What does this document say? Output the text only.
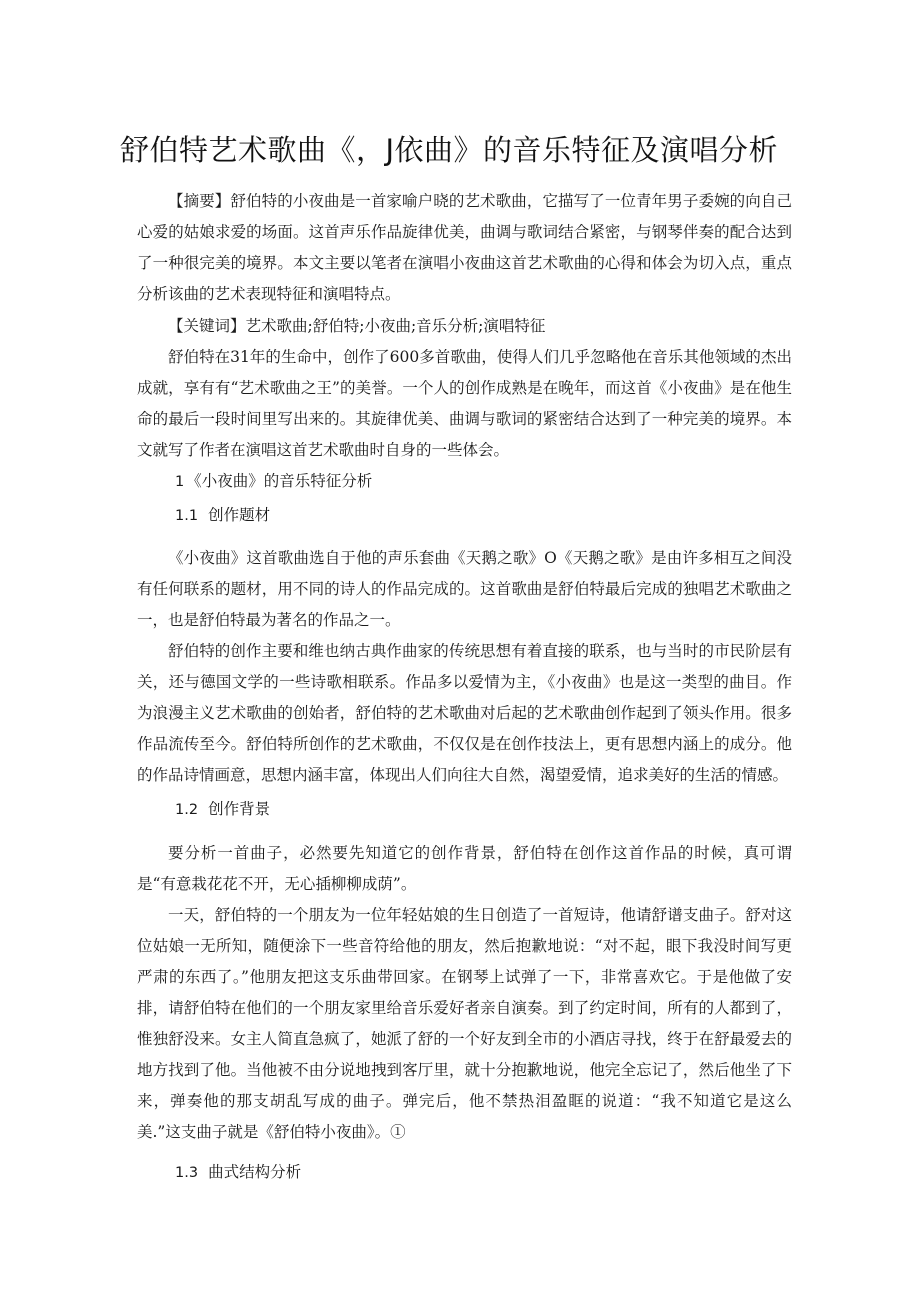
舒伯特艺术歌曲《，J依曲》的音乐特征及演唱分析

【摘要】舒伯特的小夜曲是一首家喻户晓的艺术歌曲，它描写了一位青年男子委婉的向自己心爱的姑娘求爱的场面。这首声乐作品旋律优美，曲调与歌词结合紧密，与钢琴伴奏的配合达到了一种很完美的境界。本文主要以笔者在演唱小夜曲这首艺术歌曲的心得和体会为切入点，重点分析该曲的艺术表现特征和演唱特点。

【关键词】艺术歌曲;舒伯特;小夜曲;音乐分析;演唱特征

舒伯特在31年的生命中，创作了600多首歌曲，使得人们几乎忽略他在音乐其他领域的杰出成就，享有有“艺术歌曲之王”的美誉。一个人的创作成熟是在晚年，而这首《小夜曲》是在他生命的最后一段时间里写出来的。其旋律优美、曲调与歌词的紧密结合达到了一种完美的境界。本文就写了作者在演唱这首艺术歌曲时自身的一些体会。

1 《小夜曲》的音乐特征分析

1.1 创作题材

《小夜曲》这首歌曲选自于他的声乐套曲《天鹅之歌》O《天鹅之歌》是由许多相互之间没有任何联系的题材，用不同的诗人的作品完成的。这首歌曲是舒伯特最后完成的独唱艺术歌曲之一，也是舒伯特最为著名的作品之一。

舒伯特的创作主要和维也纳古典作曲家的传统思想有着直接的联系，也与当时的市民阶层有关，还与德国文学的一些诗歌相联系。作品多以爱情为主，《小夜曲》也是这一类型的曲目。作为浪漫主义艺术歌曲的创始者，舒伯特的艺术歌曲对后起的艺术歌曲创作起到了领头作用。很多作品流传至今。舒伯特所创作的艺术歌曲，不仅仅是在创作技法上，更有思想内涵上的成分。他的作品诗情画意，思想内涵丰富，体现出人们向往大自然，渴望爱情，追求美好的生活的情感。

1.2 创作背景

要分析一首曲子，必然要先知道它的创作背景，舒伯特在创作这首作品的时候，真可谓是“有意栽花花不开，无心插柳柳成荫”。

一天，舒伯特的一个朋友为一位年轻姑娘的生日创造了一首短诗，他请舒谱支曲子。舒对这位姑娘一无所知，随便涂下一些音符给他的朋友，然后抱歉地说：“对不起，眼下我没时间写更严肃的东西了。”他朋友把这支乐曲带回家。在钢琴上试弹了一下，非常喜欢它。于是他做了安排，请舒伯特在他们的一个朋友家里给音乐爱好者亲自演奏。到了约定时间，所有的人都到了，惟独舒没来。女主人简直急疯了，她派了舒的一个好友到全市的小酒店寻找，终于在舒最爱去的地方找到了他。当他被不由分说地拽到客厅里，就十分抱歉地说，他完全忘记了，然后他坐了下来，弹奏他的那支胡乱写成的曲子。弹完后，他不禁热泪盈眶的说道：“我不知道它是这么美.”这支曲子就是《舒伯特小夜曲》。①

1.3 曲式结构分析
